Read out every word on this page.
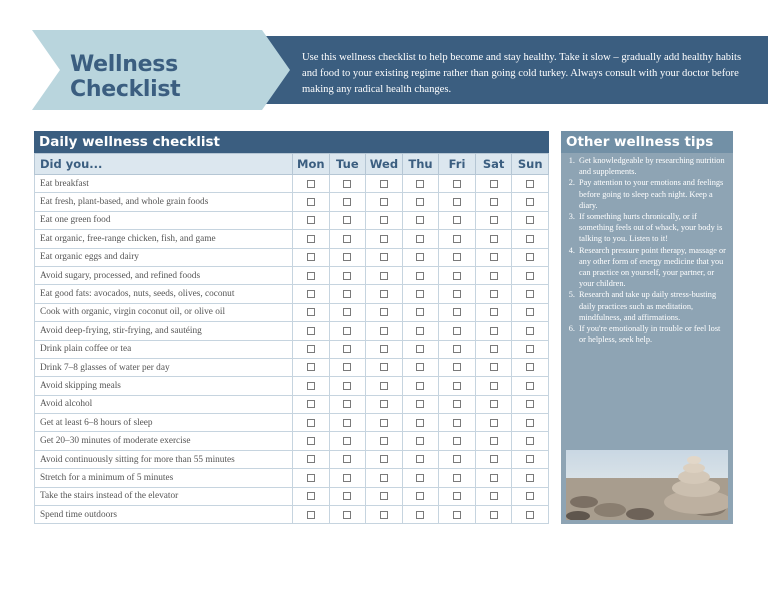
Wellness Checklist
Use this wellness checklist to help become and stay healthy. Take it slow – gradually add healthy habits and food to your existing regime rather than going cold turkey. Always consult with your doctor before making any radical health changes.
Daily wellness checklist
Did you...	Mon	Tue	Wed	Thu	Fri	Sat	Sun
Eat breakfast							
Eat fresh, plant-based, and whole grain foods							
Eat one green food							
Eat organic, free-range chicken, fish, and game							
Eat organic eggs and dairy							
Avoid sugary, processed, and refined foods							
Eat good fats: avocados, nuts, seeds, olives, coconut							
Cook with organic, virgin coconut oil, or olive oil							
Avoid deep-frying, stir-frying, and sautéing							
Drink plain coffee or tea							
Drink 7–8 glasses of water per day							
Avoid skipping meals							
Avoid alcohol							
Get at least 6–8 hours of sleep							
Get 20–30 minutes of moderate exercise							
Avoid continuously sitting for more than 55 minutes							
Stretch for a minimum of 5 minutes							
Take the stairs instead of the elevator							
Spend time outdoors							
Other wellness tips
1. Get knowledgeable by researching nutrition and supplements.
2. Pay attention to your emotions and feelings before going to sleep each night. Keep a diary.
3. If something hurts chronically, or if something feels out of whack, your body is talking to you. Listen to it!
4. Research pressure point therapy, massage or any other form of energy medicine that you can practice on yourself, your partner, or your children.
5. Research and take up daily stress-busting daily practices such as meditation, mindfulness, and affirmations.
6. If you're emotionally in trouble or feel lost or helpless, seek help.
